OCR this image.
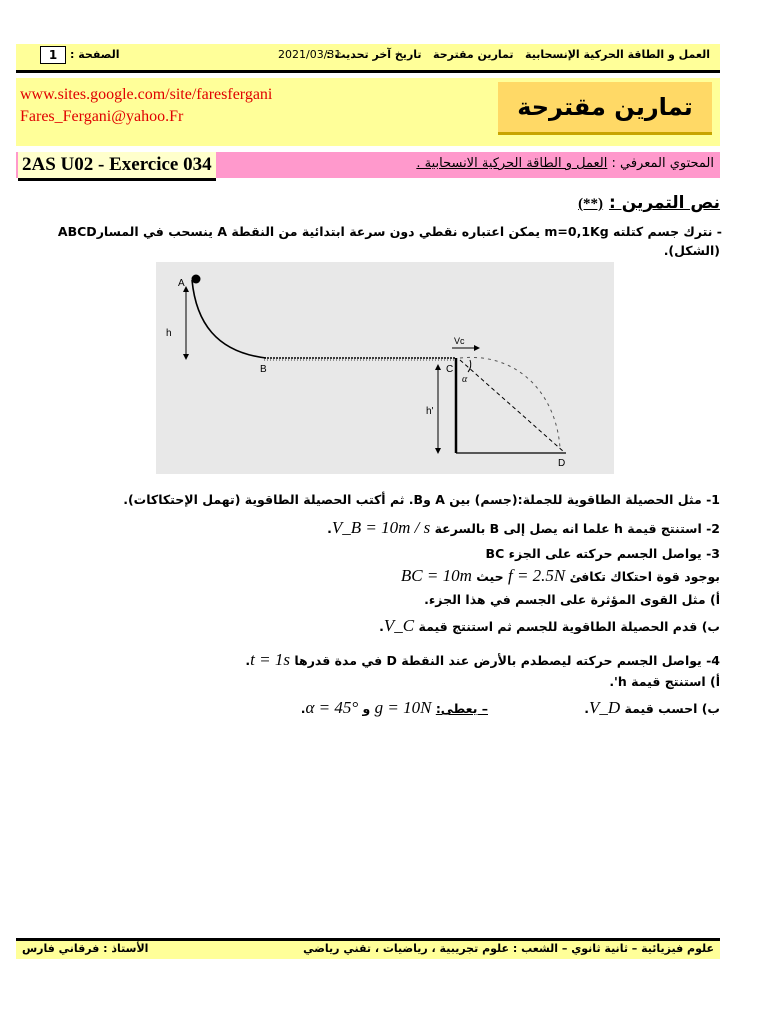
العمل و الطاقة الحركية الإنسحابية   تمارين مقترحة   تاريخ آخر تحديث :
2021/03/31
1	الصفحة :
www.sites.google.com/site/faresfergani
Fares_Fergani@yahoo.Fr	تمارين مقترحة
2AS U02 - Exercice 034	المحتوي المعرفي : العمل و الطاقة الحركية الانسحابية .
نص التمرين : (**)
- نترك جسم كتلته m=0,1Kg يمكن اعتباره نقطي دون سرعة ابتدائية من النقطة A ينسحب في المسارABCD
(الشكل).
A
h
B	C
D
h'
α
Vc
1- مثل الحصيلة الطاقوية للجملة:(جسم) بين A وB. ثم أكتب الحصيلة الطاقوية (تهمل الإحتكاكات).
2- استنتج قيمة h علما انه يصل إلى B بالسرعة V_B = 10m / s.
3- يواصل الجسم حركته على الجزء BC
بوجود قوة احتكاك تكافئ f = 2.5N حيث BC = 10m
أ) مثل القوى المؤثرة على الجسم في هذا الجزء.
ب) قدم الحصيلة الطاقوية للجسم ثم استنتج قيمة V_C.
4- يواصل الجسم حركته ليصطدم بالأرض عند النقطة D في مدة قدرها t = 1s.
أ) استنتج قيمة h'.
ب) احسب قيمة V_D.
– يعطى: g = 10N و α = 45°.
علوم فيزيائية – ثانية ثانوي – الشعب : علوم تجريبية ، رياضيات ، تقني رياضي
الأستاذ : فرقاني فارس
